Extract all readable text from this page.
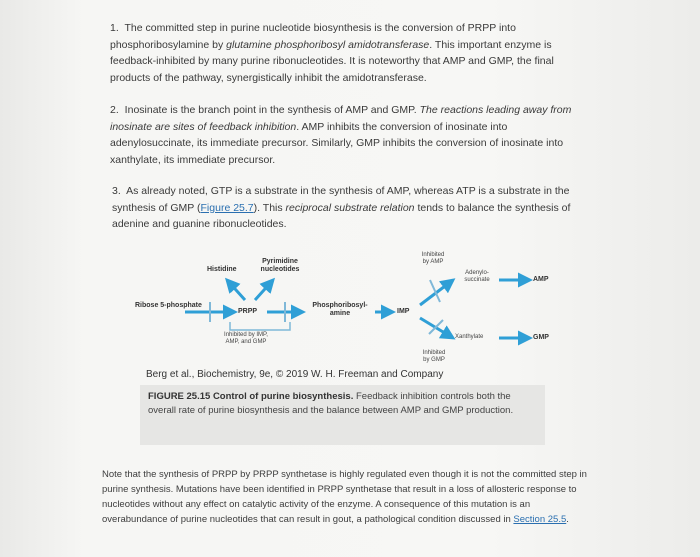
1. The committed step in purine nucleotide biosynthesis is the conversion of PRPP into phosphoribosylamine by glutamine phosphoribosyl amidotransferase. This important enzyme is feedback-inhibited by many purine ribonucleotides. It is noteworthy that AMP and GMP, the final products of the pathway, synergistically inhibit the amidotransferase.
2. Inosinate is the branch point in the synthesis of AMP and GMP. The reactions leading away from inosinate are sites of feedback inhibition. AMP inhibits the conversion of inosinate into adenylosuccinate, its immediate precursor. Similarly, GMP inhibits the conversion of inosinate into xanthylate, its immediate precursor.
3. As already noted, GTP is a substrate in the synthesis of AMP, whereas ATP is a substrate in the synthesis of GMP (Figure 25.7). This reciprocal substrate relation tends to balance the synthesis of adenine and guanine ribonucleotides.
Ribose 5-phosphate
Histidine
Pyrimidine nucleotides
PRPP
Phosphoribosyl-amine	IMP
Inhibited by IMP, AMP, and GMP
Inhibited by AMP
Adenylo-succinate	AMP
Xanthylate	GMP
Inhibited by GMP
Berg et al., Biochemistry, 9e, © 2019 W. H. Freeman and Company
FIGURE 25.15 Control of purine biosynthesis. Feedback inhibition controls both the overall rate of purine biosynthesis and the balance between AMP and GMP production.
Note that the synthesis of PRPP by PRPP synthetase is highly regulated even though it is not the committed step in purine synthesis. Mutations have been identified in PRPP synthetase that result in a loss of allosteric response to nucleotides without any effect on catalytic activity of the enzyme. A consequence of this mutation is an overabundance of purine nucleotides that can result in gout, a pathological condition discussed in Section 25.5.
